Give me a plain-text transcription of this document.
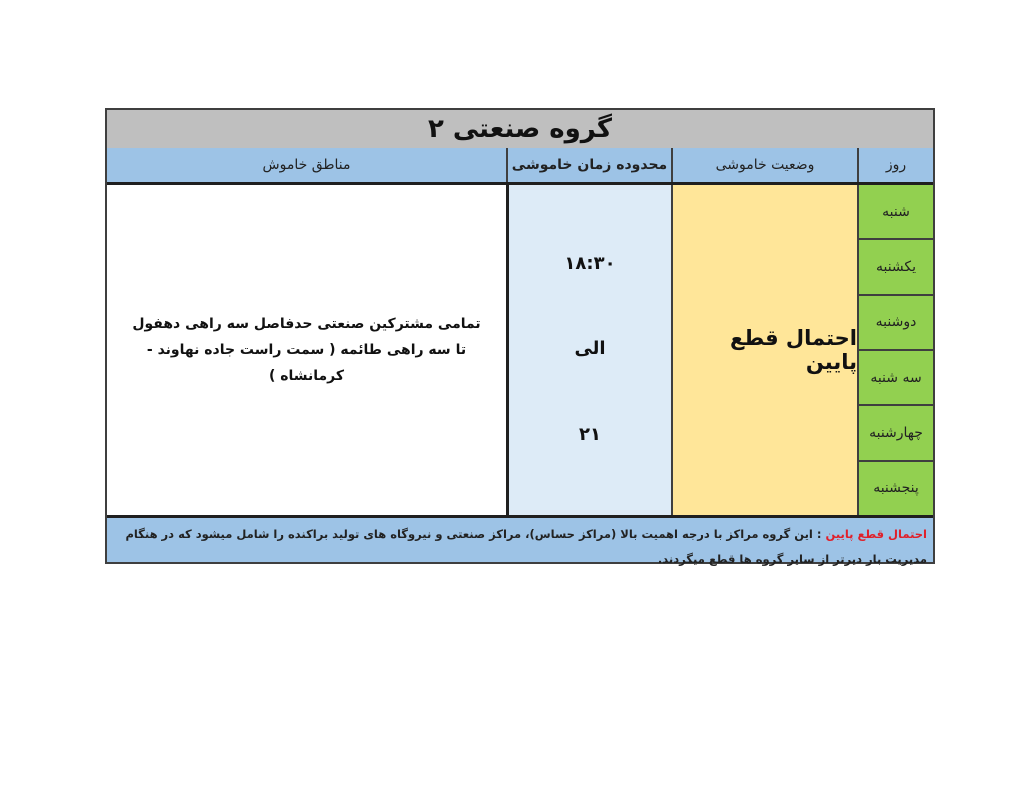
گروه صنعتی ۲
روز
وضعیت خاموشی
محدوده زمان خاموشی
مناطق خاموش
شنبه
یکشنبه
دوشنبه
سه شنبه
چهارشنبه
پنجشنبه
احتمال قطع پایین
۱۸:۳۰
الی
۲۱
تمامی مشترکین صنعتی حدفاصل سه راهی دهفول تا سه راهی طائمه ( سمت راست جاده نهاوند - کرمانشاه )
احتمال قطع پایین : این گروه مراکز با درجه اهمیت بالا (مراکز حساس)، مراکز صنعتی و نیروگاه های تولید براکنده را شامل میشود که در هنگام مدیریت بار دیرتر از سایر گروه ها قطع میگردند.
